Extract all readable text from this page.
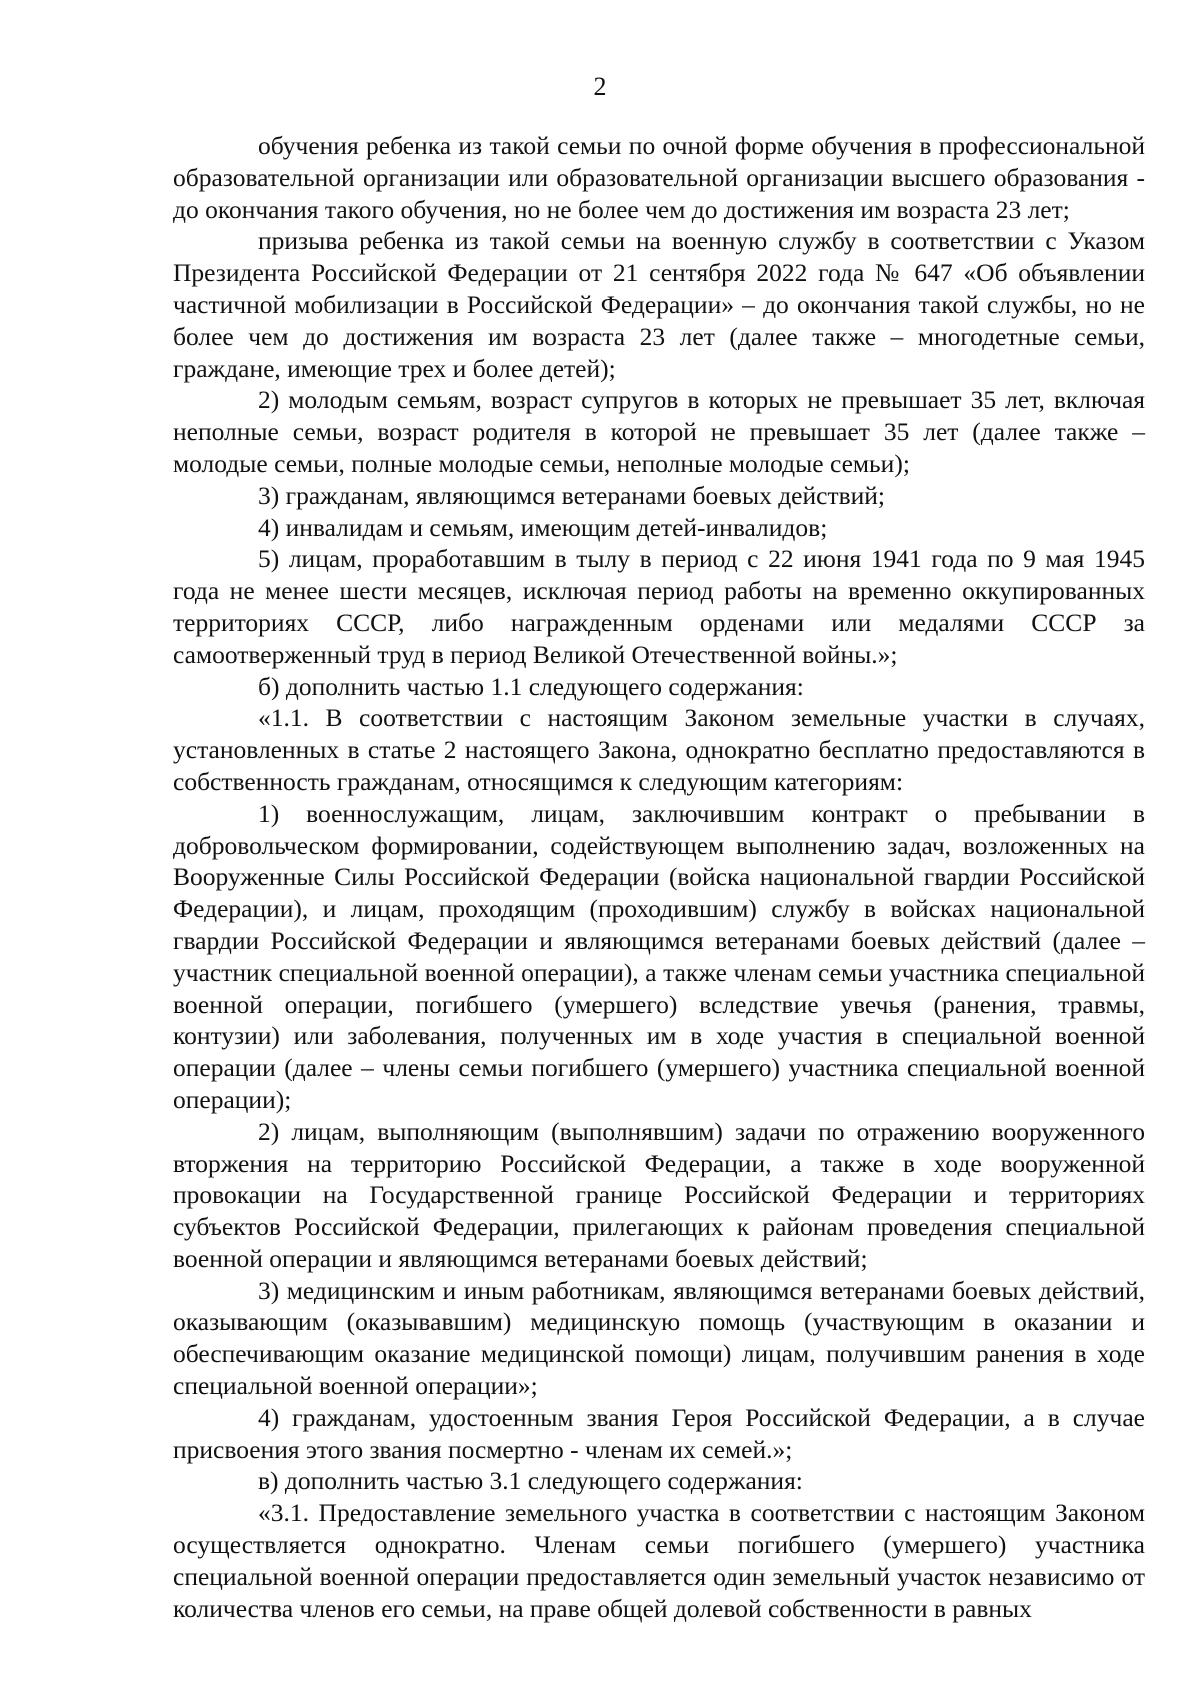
2

обучения ребенка из такой семьи по очной форме обучения в профессиональной образовательной организации или образовательной организации высшего образования - до окончания такого обучения, но не более чем до достижения им возраста 23 лет;

призыва ребенка из такой семьи на военную службу в соответствии с Указом Президента Российской Федерации от 21 сентября 2022 года № 647 «Об объявлении частичной мобилизации в Российской Федерации» – до окончания такой службы, но не более чем до достижения им возраста 23 лет (далее также – многодетные семьи, граждане, имеющие трех и более детей);

2) молодым семьям, возраст супругов в которых не превышает 35 лет, включая неполные семьи, возраст родителя в которой не превышает 35 лет (далее также – молодые семьи, полные молодые семьи, неполные молодые семьи);

3) гражданам, являющимся ветеранами боевых действий;

4) инвалидам и семьям, имеющим детей-инвалидов;

5) лицам, проработавшим в тылу в период с 22 июня 1941 года по 9 мая 1945 года не менее шести месяцев, исключая период работы на временно оккупированных территориях СССР, либо награжденным орденами или медалями СССР за самоотверженный труд в период Великой Отечественной войны.»;

б) дополнить частью 1.1 следующего содержания:

«1.1. В соответствии с настоящим Законом земельные участки в случаях, установленных в статье 2 настоящего Закона, однократно бесплатно предоставляются в собственность гражданам, относящимся к следующим категориям:

1) военнослужащим, лицам, заключившим контракт о пребывании в добровольческом формировании, содействующем выполнению задач, возложенных на Вооруженные Силы Российской Федерации (войска национальной гвардии Российской Федерации), и лицам, проходящим (проходившим) службу в войсках национальной гвардии Российской Федерации и являющимся ветеранами боевых действий (далее – участник специальной военной операции), а также членам семьи участника специальной военной операции, погибшего (умершего) вследствие увечья (ранения, травмы, контузии) или заболевания, полученных им в ходе участия в специальной военной операции (далее – члены семьи погибшего (умершего) участника специальной военной операции);

2) лицам, выполняющим (выполнявшим) задачи по отражению вооруженного вторжения на территорию Российской Федерации, а также в ходе вооруженной провокации на Государственной границе Российской Федерации и территориях субъектов Российской Федерации, прилегающих к районам проведения специальной военной операции и являющимся ветеранами боевых действий;

3) медицинским и иным работникам, являющимся ветеранами боевых действий, оказывающим (оказывавшим) медицинскую помощь (участвующим в оказании и обеспечивающим оказание медицинской помощи) лицам, получившим ранения в ходе специальной военной операции»;

4) гражданам, удостоенным звания Героя Российской Федерации, а в случае присвоения этого звания посмертно - членам их семей.»;

в) дополнить частью 3.1 следующего содержания:

«3.1. Предоставление земельного участка в соответствии с настоящим Законом осуществляется однократно. Членам семьи погибшего (умершего) участника специальной военной операции предоставляется один земельный участок независимо от количества членов его семьи, на праве общей долевой собственности в равных
